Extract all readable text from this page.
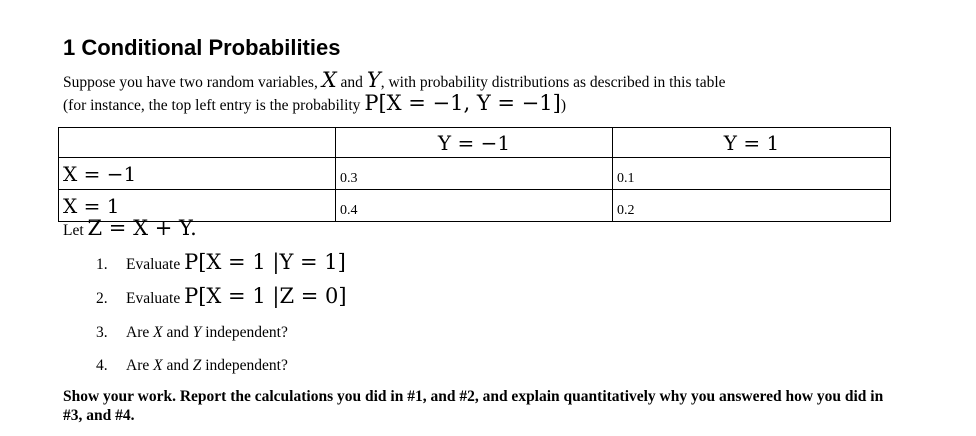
1 Conditional Probabilities
Suppose you have two random variables, X and Y, with probability distributions as described in this table
(for instance, the top left entry is the probability P[X = −1, Y = −1])
	Y = −1	Y = 1
X = −1	0.3	0.1
X = 1	0.4	0.2
Let Z = X + Y.
1. Evaluate P[X = 1 |Y = 1]
2. Evaluate P[X = 1 |Z = 0]
3. Are X and Y independent?
4. Are X and Z independent?
Show your work. Report the calculations you did in #1, and #2, and explain quantitatively why you answered how you did in #3, and #4.
